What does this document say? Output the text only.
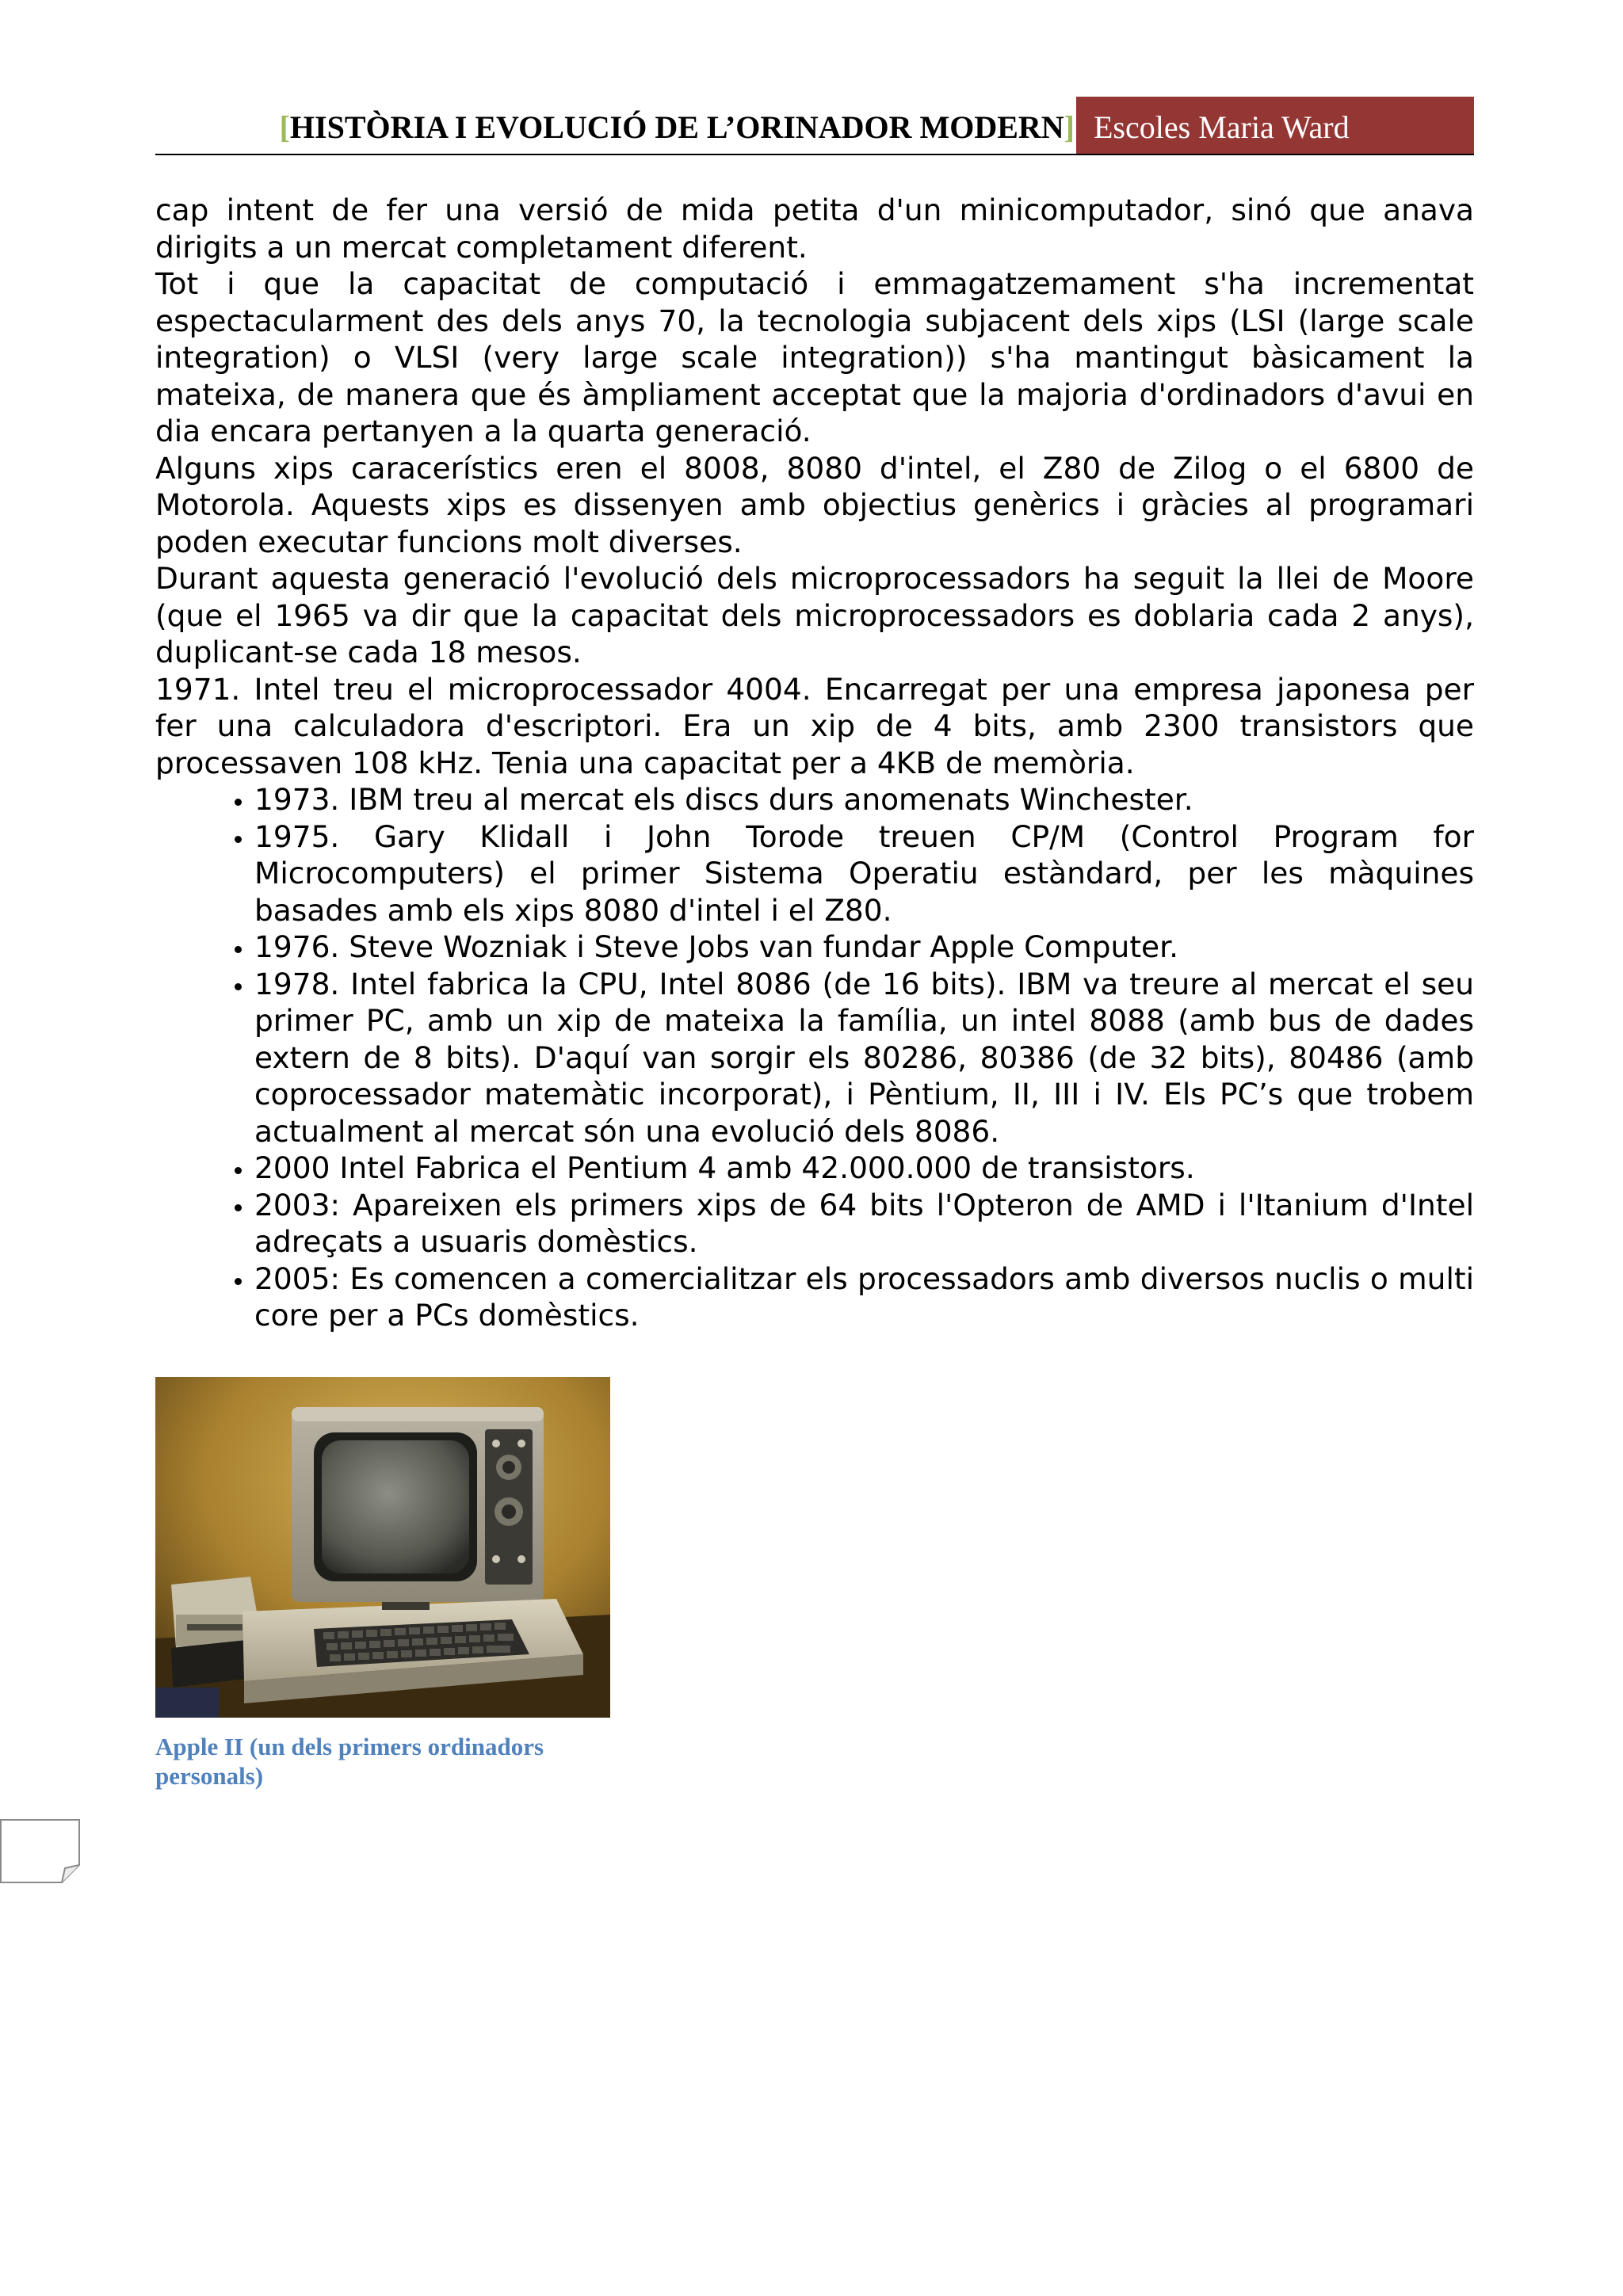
[ HISTÒRIA I EVOLUCIÓ DE L’ORINADOR MODERN ] Escoles Maria Ward

cap intent de fer una versió de mida petita d'un minicomputador, sinó que anava dirigits a un mercat completament diferent.

Tot i que la capacitat de computació i emmagatzemament s'ha incrementat espectacularment des dels anys 70, la tecnologia subjacent dels xips (LSI (large scale integration) o VLSI (very large scale integration)) s'ha mantingut bàsicament la mateixa, de manera que és àmpliament acceptat que la majoria d'ordinadors d'avui en dia encara pertanyen a la quarta generació.

Alguns xips caracerístics eren el 8008, 8080 d'intel, el Z80 de Zilog o el 6800 de Motorola. Aquests xips es dissenyen amb objectius genèrics i gràcies al programari poden executar funcions molt diverses.

Durant aquesta generació l'evolució dels microprocessadors ha seguit la llei de Moore (que el 1965 va dir que la capacitat dels microprocessadors es doblaria cada 2 anys), duplicant-se cada 18 mesos.

1971. Intel treu el microprocessador 4004. Encarregat per una empresa japonesa per fer una calculadora d'escriptori. Era un xip de 4 bits, amb 2300 transistors que processaven 108 kHz. Tenia una capacitat per a 4KB de memòria.

• 1973. IBM treu al mercat els discs durs anomenats Winchester.
• 1975. Gary Klidall i John Torode treuen CP/M (Control Program for Microcomputers) el primer Sistema Operatiu estàndard, per les màquines basades amb els xips 8080 d'intel i el Z80.
• 1976. Steve Wozniak i Steve Jobs van fundar Apple Computer.
• 1978. Intel fabrica la CPU, Intel 8086 (de 16 bits). IBM va treure al mercat el seu primer PC, amb un xip de mateixa la família, un intel 8088 (amb bus de dades extern de 8 bits). D'aquí van sorgir els 80286, 80386 (de 32 bits), 80486 (amb coprocessador matemàtic incorporat), i Pèntium, II, III i IV. Els PC’s que trobem actualment al mercat són una evolució dels 8086.
• 2000 Intel Fabrica el Pentium 4 amb 42.000.000 de transistors.
• 2003: Apareixen els primers xips de 64 bits l'Opteron de AMD i l'Itanium d'Intel adreçats a usuaris domèstics.
• 2005: Es comencen a comercialitzar els processadors amb diversos nuclis o multi core per a PCs domèstics.
Apple II (un dels primers ordinadors personals)
